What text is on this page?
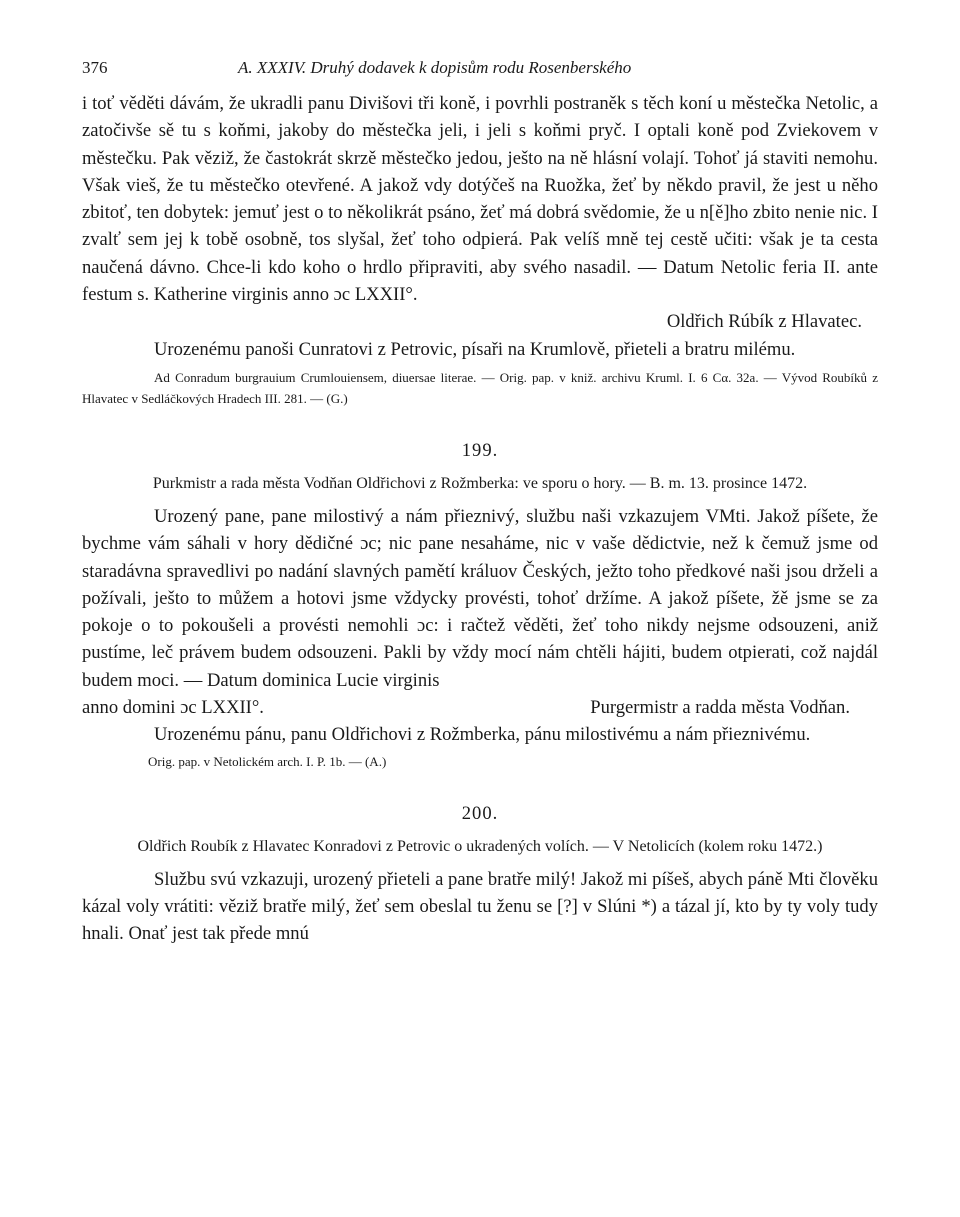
376	A. XXXIV. Druhý dodavek k dopisům rodu Rosenberského

i toť věděti dávám, že ukradli panu Divišovi tři koně, i povrhli postraněk s těch koní u městečka Netolic, a zatočivše sě tu s koňmi, jakoby do městečka jeli, i jeli s koňmi pryč. I optali koně pod Zviekovem v městečku. Pak věziž, že častokrát skrzě městečko jedou, ješto na ně hlásní volají. Tohoť já staviti nemohu. Však vieš, že tu městečko otevřené. A jakož vdy dotýčeš na Ruožka, žeť by někdo pravil, že jest u něho zbitoť, ten dobytek: jemuť jest o to několikrát psáno, žeť má dobrá svědomie, že u n[ě]ho zbito nenie nic. I zvalť sem jej k tobě osobně, tos slyšal, žeť toho odpierá. Pak velíš mně tej cestě učiti: však je ta cesta naučená dávno. Chce-li kdo koho o hrdlo připraviti, aby svého nasadil. — Datum Netolic feria II. ante festum s. Katherine virginis anno ɔc LXXII°.

Oldřich Rúbík z Hlavatec.

Urozenému panoši Cunratovi z Petrovic, písaři na Krumlově, přieteli a bratru milému.

Ad Conradum burgrauium Crumlouiensem, diuersae literae. — Orig. pap. v kniž. archivu Kruml. I. 6 Cα. 32a. — Vývod Roubíků z Hlavatec v Sedláčkových Hradech III. 281. — (G.)

199.

Purkmistr a rada města Vodňan Oldřichovi z Rožmberka: ve sporu o hory. — B. m. 13. prosince 1472.

Urozený pane, pane milostivý a nám přieznivý, službu naši vzkazujem VMti. Jakož píšete, že bychme vám sáhali v hory dědičné ɔc; nic pane nesaháme, nic v vaše dědictvie, než k čemuž jsme od staradávna spravedlivi po nadání slavných pamětí králuov Českých, ježto toho předkové naši jsou drželi a požívali, ješto to můžem a hotovi jsme vždycky provésti, tohoť držíme. A jakož píšete, žě jsme se za pokoje o to pokoušeli a provésti nemohli ɔc: i račtež věděti, žeť toho nikdy nejsme odsouzeni, aniž pustíme, leč právem budem odsouzeni. Pakli by vždy mocí nám chtěli hájiti, budem otpierati, což najdál budem moci. — Datum dominica Lucie virginis

anno domini ɔc LXXII°.	Purgermistr a radda města Vodňan.

Urozenému pánu, panu Oldřichovi z Rožmberka, pánu milostivému a nám přieznivému.

Orig. pap. v Netolickém arch. I. P. 1b. — (A.)

200.

Oldřich Roubík z Hlavatec Konradovi z Petrovic o ukradených volích. — V Netolicích (kolem roku 1472.)

Službu svú vzkazuji, urozený přieteli a pane bratře milý! Jakož mi píšeš, abych páně Mti člověku kázal voly vrátiti: věziž bratře milý, žeť sem obeslal tu ženu se [?] v Slúni *) a tázal jí, kto by ty voly tudy hnali. Onať jest tak přede mnú
